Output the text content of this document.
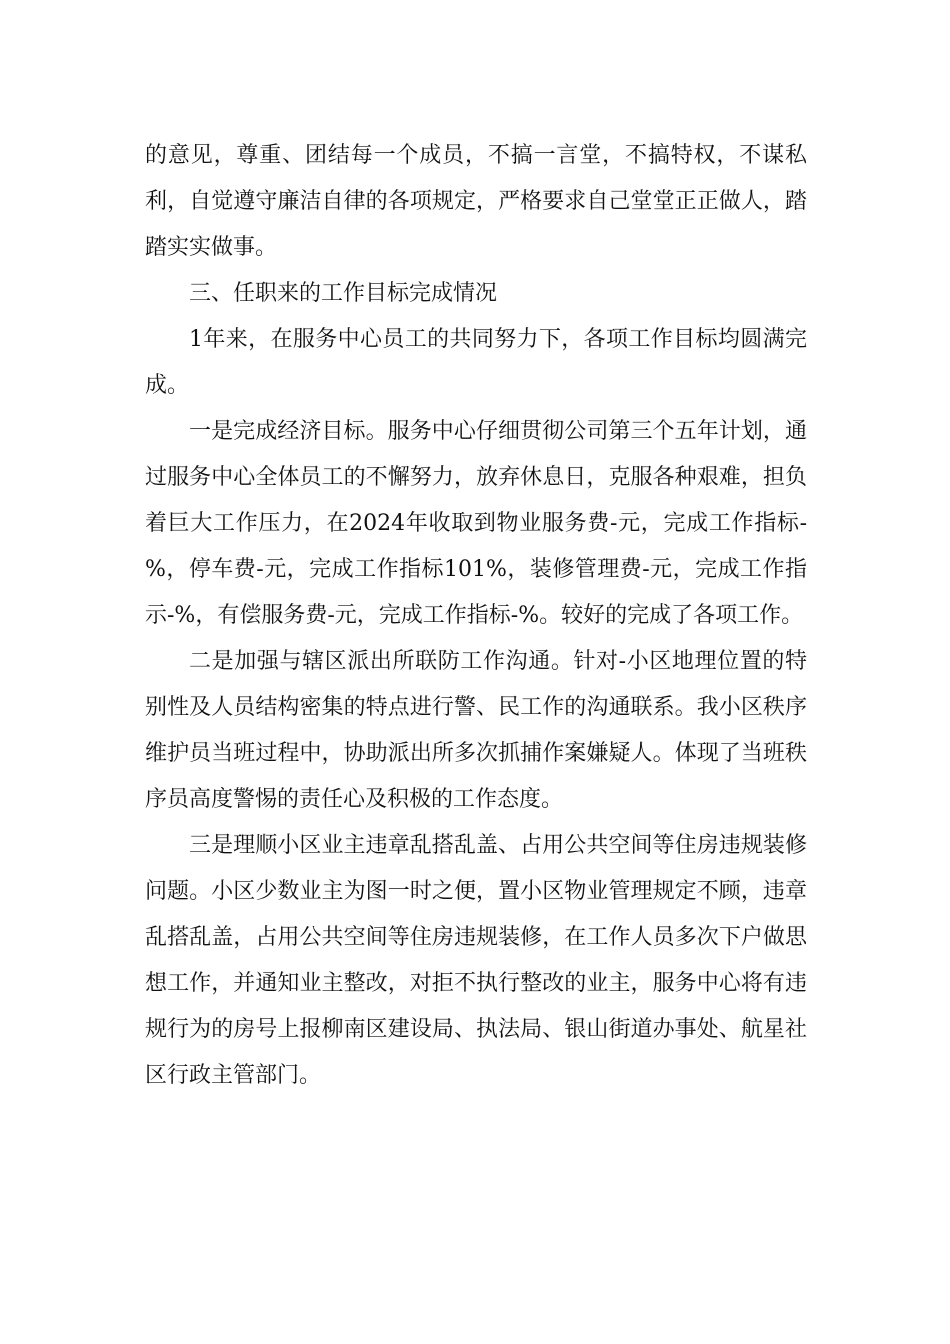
的意见，尊重、团结每一个成员，不搞一言堂，不搞特权，不谋私利，自觉遵守廉洁自律的各项规定，严格要求自己堂堂正正做人，踏踏实实做事。

三、任职来的工作目标完成情况

1年来，在服务中心员工的共同努力下，各项工作目标均圆满完成。

一是完成经济目标。服务中心仔细贯彻公司第三个五年计划，通过服务中心全体员工的不懈努力，放弃休息日，克服各种艰难，担负着巨大工作压力，在2024年收取到物业服务费-元，完成工作指标-%，停车费-元，完成工作指标101%，装修管理费-元，完成工作指示-%，有偿服务费-元，完成工作指标-%。较好的完成了各项工作。

二是加强与辖区派出所联防工作沟通。针对-小区地理位置的特别性及人员结构密集的特点进行警、民工作的沟通联系。我小区秩序维护员当班过程中，协助派出所多次抓捕作案嫌疑人。体现了当班秩序员高度警惕的责任心及积极的工作态度。

三是理顺小区业主违章乱搭乱盖、占用公共空间等住房违规装修问题。小区少数业主为图一时之便，置小区物业管理规定不顾，违章乱搭乱盖，占用公共空间等住房违规装修，在工作人员多次下户做思想工作，并通知业主整改，对拒不执行整改的业主，服务中心将有违规行为的房号上报柳南区建设局、执法局、银山街道办事处、航星社区行政主管部门。
